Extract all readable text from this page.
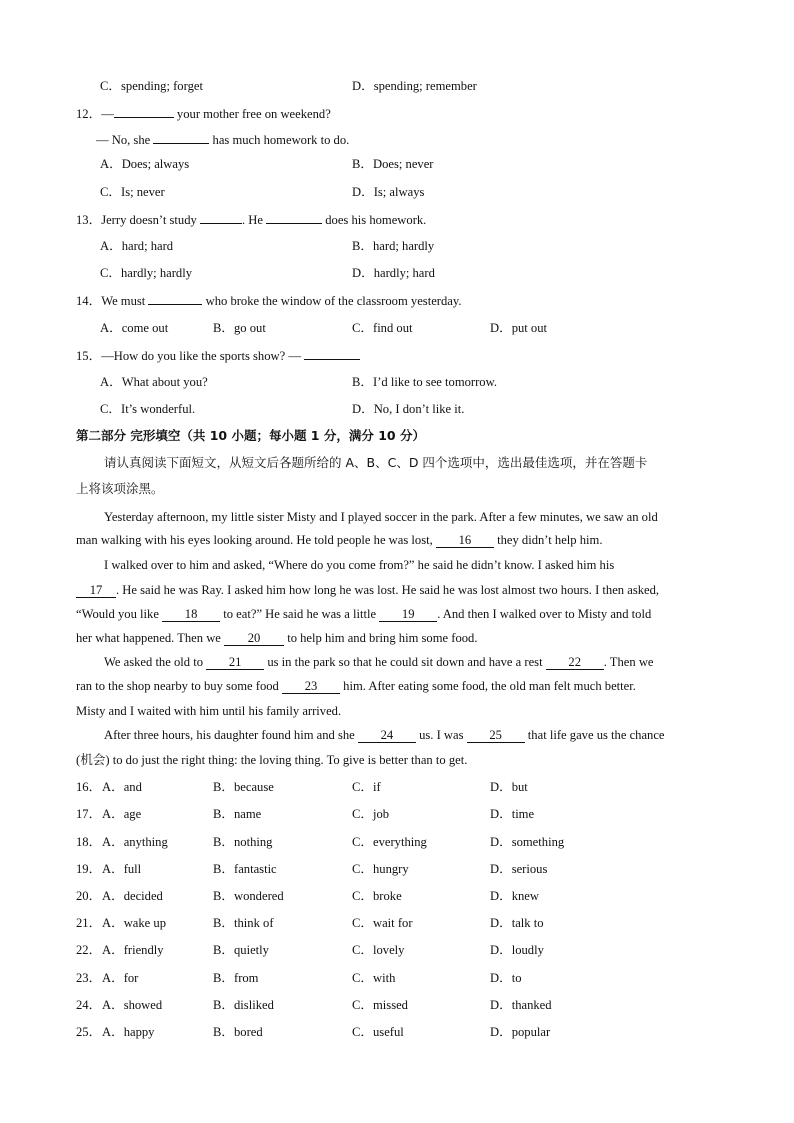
C．spending; forget	D．spending; remember
12．—	your mother free on weekend?
— No, she	has much homework to do.
A．Does; always	B．Does; never
C．Is; never	D．Is; always
13．Jerry doesn’t study	. He	does his homework.
A．hard; hard	B．hard; hardly
C．hardly; hardly	D．hardly; hard
14．We must	who broke the window of the classroom yesterday.
A．come out	B．go out	C．find out	D．put out
15．—How do you like the sports show? —
A．What about you?	B．I’d like to see tomorrow.
C．It’s wonderful.	D．No, I don’t like it.
第二部分 完形填空（共 10 小题；每小题 1 分，满分 10 分）
请认真阅读下面短文，从短文后各题所给的 A、B、C、D 四个选项中，选出最佳选项，并在答题卡
上将该项涂黑。
Yesterday afternoon, my little sister Misty and I played soccer in the park. After a few minutes, we saw an old
man walking with his eyes looking around. He told people he was lost, 16 they didn’t help him.
I walked over to him and asked, “Where do you come from?” he said he didn’t know. I asked him his
17 . He said he was Ray. I asked him how long he was lost. He said he was lost almost two hours. I then asked,
“Would you like 18 to eat?” He said he was a little 19 . And then I walked over to Misty and told
her what happened. Then we 20 to help him and bring him some food.
We asked the old to 21 us in the park so that he could sit down and have a rest 22 . Then we
ran to the shop nearby to buy some food 23 him. After eating some food, the old man felt much better.
Misty and I waited with him until his family arrived.
After three hours, his daughter found him and she 24 us. I was 25 that life gave us the chance
(机会) to do just the right thing: the loving thing. To give is better than to get.
16． A．and	B．because	C．if	D．but
17． A．age	B．name	C．job	D．time
18． A．anything	B．nothing	C．everything	D．something
19． A．full	B．fantastic	C．hungry	D．serious
20． A．decided	B．wondered	C．broke	D．knew
21． A．wake up	B．think of	C．wait for	D．talk to
22． A．friendly	B．quietly	C．lovely	D．loudly
23． A．for	B．from	C．with	D．to
24． A．showed	B．disliked	C．missed	D．thanked
25． A．happy	B．bored	C．useful	D．popular
